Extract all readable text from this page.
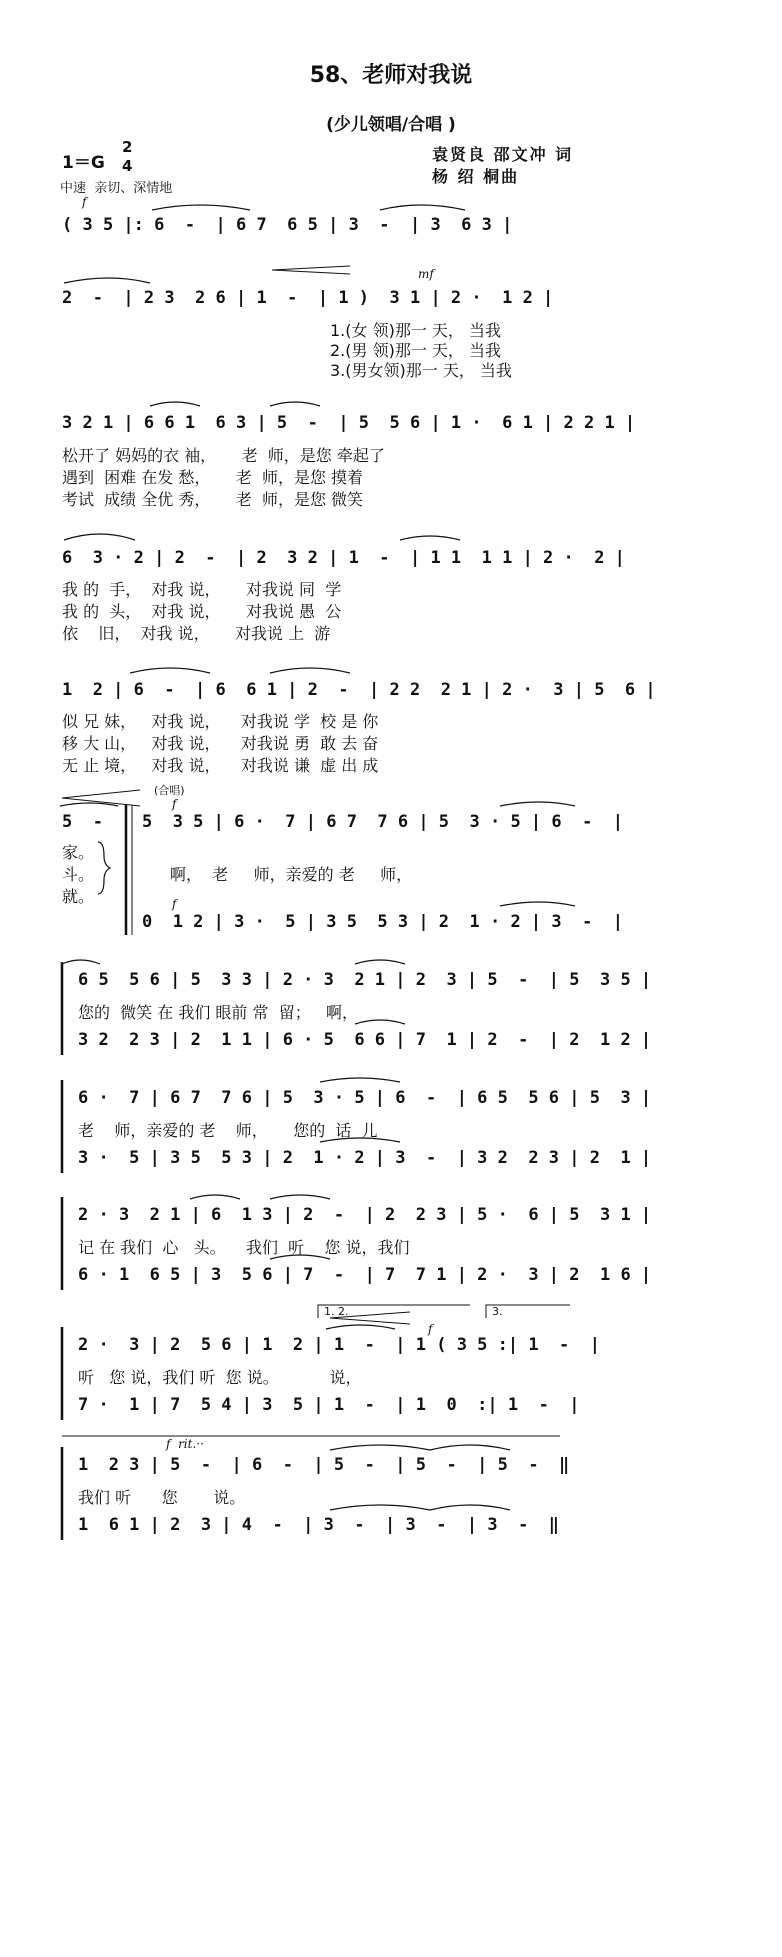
58、老师对我说
(少儿领唱/合唱 )
1＝G
2
4
袁贤良 邵文冲 词
杨 绍 桐曲
中速  亲切、深情地
f
( 3 5 |: 6  -  | 6 7  6 5 | 3  -  | 3  6 3 |
mf
2  -  | 2 3  2 6 | 1  -  | 1 )  3 1 | 2 ·  1 2 |
1.(女 领)那一 天， 当我
2.(男 领)那一 天， 当我
3.(男女领)那一 天， 当我
3 2 1 | 6 6 1  6 3 | 5  -  | 5  5 6 | 1 ·  6 1 | 2 2 1 |
松开了 妈妈的衣 袖，     老  师，是您 牵起了
遇到  困难 在发 愁，     老  师，是您 摸着
考试  成绩 全优 秀，     老  师，是您 微笑
6  3 · 2 | 2  -  | 2  3 2 | 1  -  | 1 1  1 1 | 2 ·  2 |
我 的  手，  对我 说，     对我说 同  学
我 的  头，  对我 说，     对我说 愚  公
依    旧，  对我 说，     对我说 上  游
1  2 | 6  -  | 6  6 1 | 2  -  | 2 2  2 1 | 2 ·  3 | 5  6 |
似 兄 妹，   对我 说，    对我说 学  校 是 你
移 大 山，   对我 说，    对我说 勇  敢 去 奋
无 止 境，   对我 说，    对我说 谦  虚 出 成
(合唱)
f
5  - 5  3 5 | 6 ·  7 | 6 7  7 6 | 5  3 · 5 | 6  -  |
家。
斗。
就。
啊，  老     师，亲爱的 老     师，
f
0  1 2 | 3 ·  5 | 3 5  5 3 | 2  1 · 2 | 3  -  |
6 5  5 6 | 5  3 3 | 2 · 3  2 1 | 2  3 | 5  -  | 5  3 5 |
您的  微笑 在 我们 眼前 常  留；   啊，
3 2  2 3 | 2  1 1 | 6 · 5  6 6 | 7  1 | 2  -  | 2  1 2 |
6 ·  7 | 6 7  7 6 | 5  3 · 5 | 6  -  | 6 5  5 6 | 5  3 |
老    师，亲爱的 老    师，     您的  话  儿
3 ·  5 | 3 5  5 3 | 2  1 · 2 | 3  -  | 3 2  2 3 | 2  1 |
2 · 3  2 1 | 6  1 3 | 2  -  | 2  2 3 | 5 ·  6 | 5  3 1 |
记 在 我们  心   头。    我们  听    您 说，我们
6 · 1  6 5 | 3  5 6 | 7  -  | 7  7 1 | 2 ·  3 | 2  1 6 |
1. 2.
f
3.
2 ·  3 | 2  5 6 | 1  2 | 1  -  | 1 ( 3 5 :| 1  -  |
听   您 说，我们 听  您 说。          说，
7 ·  1 | 7  5 4 | 3  5 | 1  -  | 1  0  :| 1  -  |
f  rit.··
1  2 3 | 5  -  | 6  -  | 5  -  | 5  -  | 5  -  ‖
我们 听      您       说。
1  6 1 | 2  3 | 4  -  | 3  -  | 3  -  | 3  -  ‖
